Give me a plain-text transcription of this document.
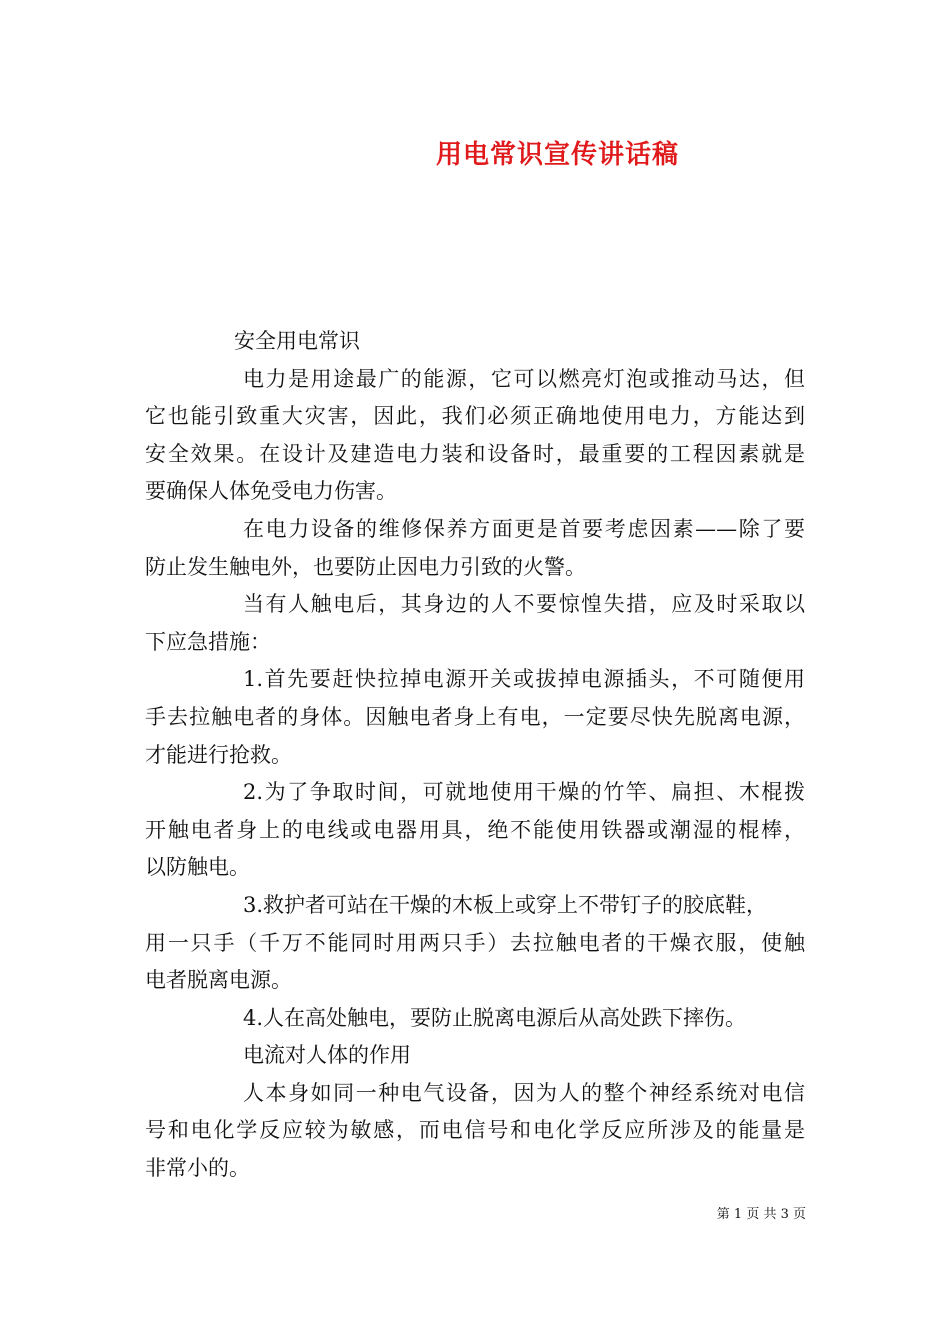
用电常识宣传讲话稿
安全用电常识
电力是用途最广的能源，它可以燃亮灯泡或推动马达，但
它也能引致重大灾害，因此，我们必须正确地使用电力，方能达到
安全效果。在设计及建造电力装和设备时，最重要的工程因素就是
要确保人体免受电力伤害。
在电力设备的维修保养方面更是首要考虑因素——除了要
防止发生触电外，也要防止因电力引致的火警。
当有人触电后，其身边的人不要惊惶失措，应及时采取以
下应急措施：
1.首先要赶快拉掉电源开关或拔掉电源插头，不可随便用
手去拉触电者的身体。因触电者身上有电，一定要尽快先脱离电源，
才能进行抢救。
2.为了争取时间，可就地使用干燥的竹竿、扁担、木棍拨
开触电者身上的电线或电器用具，绝不能使用铁器或潮湿的棍棒，
以防触电。
3.救护者可站在干燥的木板上或穿上不带钉子的胶底鞋，
用一只手（千万不能同时用两只手）去拉触电者的干燥衣服，使触
电者脱离电源。
4.人在高处触电，要防止脱离电源后从高处跌下摔伤。
电流对人体的作用
人本身如同一种电气设备，因为人的整个神经系统对电信
号和电化学反应较为敏感，而电信号和电化学反应所涉及的能量是
非常小的。
第 1 页 共 3 页
